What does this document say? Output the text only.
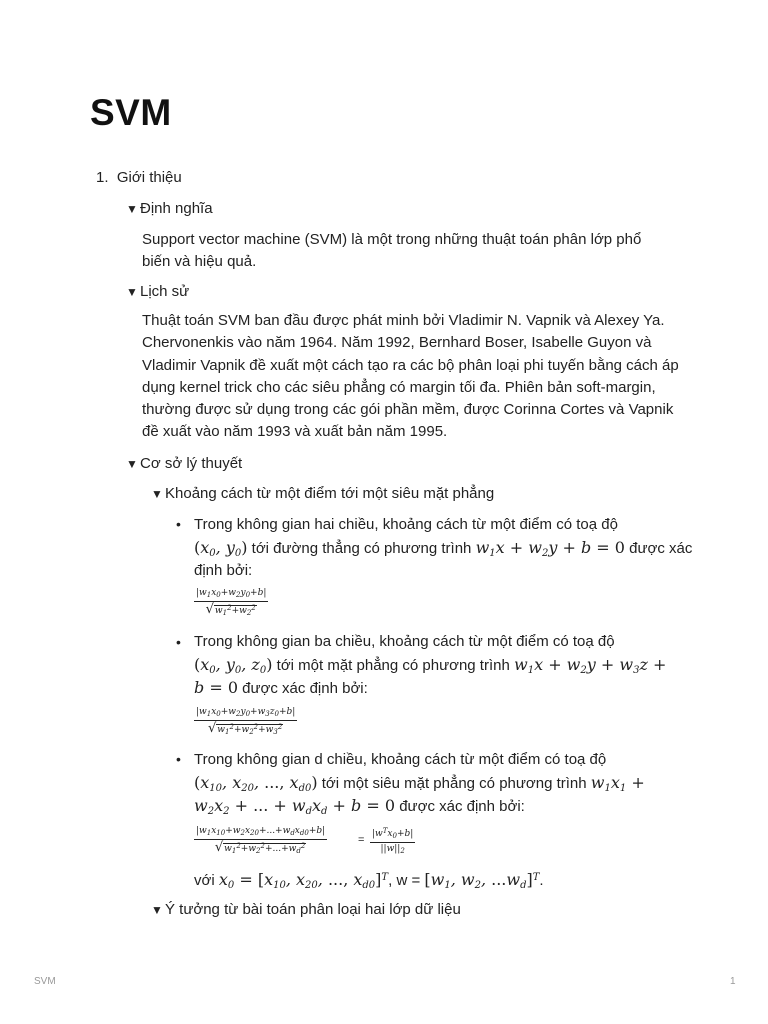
SVM
1. Giới thiệu
▼ Định nghĩa
Support vector machine (SVM) là một trong những thuật toán phân lớp phổ biến và hiệu quả.
▼ Lịch sử
Thuật toán SVM ban đầu được phát minh bởi Vladimir N. Vapnik và Alexey Ya. Chervonenkis vào năm 1964. Năm 1992, Bernhard Boser, Isabelle Guyon và Vladimir Vapnik đề xuất một cách tạo ra các bộ phân loại phi tuyến bằng cách áp dụng kernel trick cho các siêu phẳng có margin tối đa. Phiên bản soft-margin, thường được sử dụng trong các gói phần mềm, được Corinna Cortes và Vapnik đề xuất vào năm 1993 và xuất bản năm 1995.
▼ Cơ sở lý thuyết
▼ Khoảng cách từ một điểm tới một siêu mặt phẳng
• Trong không gian hai chiều, khoảng cách từ một điểm có toạ độ
($x_0$, $y_0$) tới đường thẳng có phương trình $w_1x + w_2y + b = 0$ được xác
định bởi:
$\frac{|w_1x_0+w_2y_0+b|}{√w_1^2+w_2^2}$
• Trong không gian ba chiều, khoảng cách từ một điểm có toạ độ
($x_0$, $y_0$, $z_0$) tới một mặt phẳng có phương trình $w_1x + w_2y + w_3z$ +
b = 0 được xác định bởi:
$\frac{|w_1x_0+w_2y_0+w_3z_0+b|}{√w_1^2+w_2^2+w_3^2}$
• Trong không gian d chiều, khoảng cách từ một điểm có toạ độ
($x_{10}$, $x_{20}$, ..., $x_{d0}$) tới một siêu mặt phẳng có phương trình $w_1x_1$ +
$w_2x_2$ + ... + $w_dx_d + b = 0$ được xác định bởi:
$|w_1x_{10}+w_2x_{20}+...+w_dx_{d0}+b|$
$√w_1^2+w_2^2+...+w_d^2$	= $|w^Tx_0+b|$
$||w||_2$
với $x_0 = [x_{10}$, $x_{20}$, ..., $x_{d0}]^T$, $w = [w_1$, $w_2$, $...w_d]^T$.
▼ Ý tưởng từ bài toán phân loại hai lớp dữ liệu
SVM	1
